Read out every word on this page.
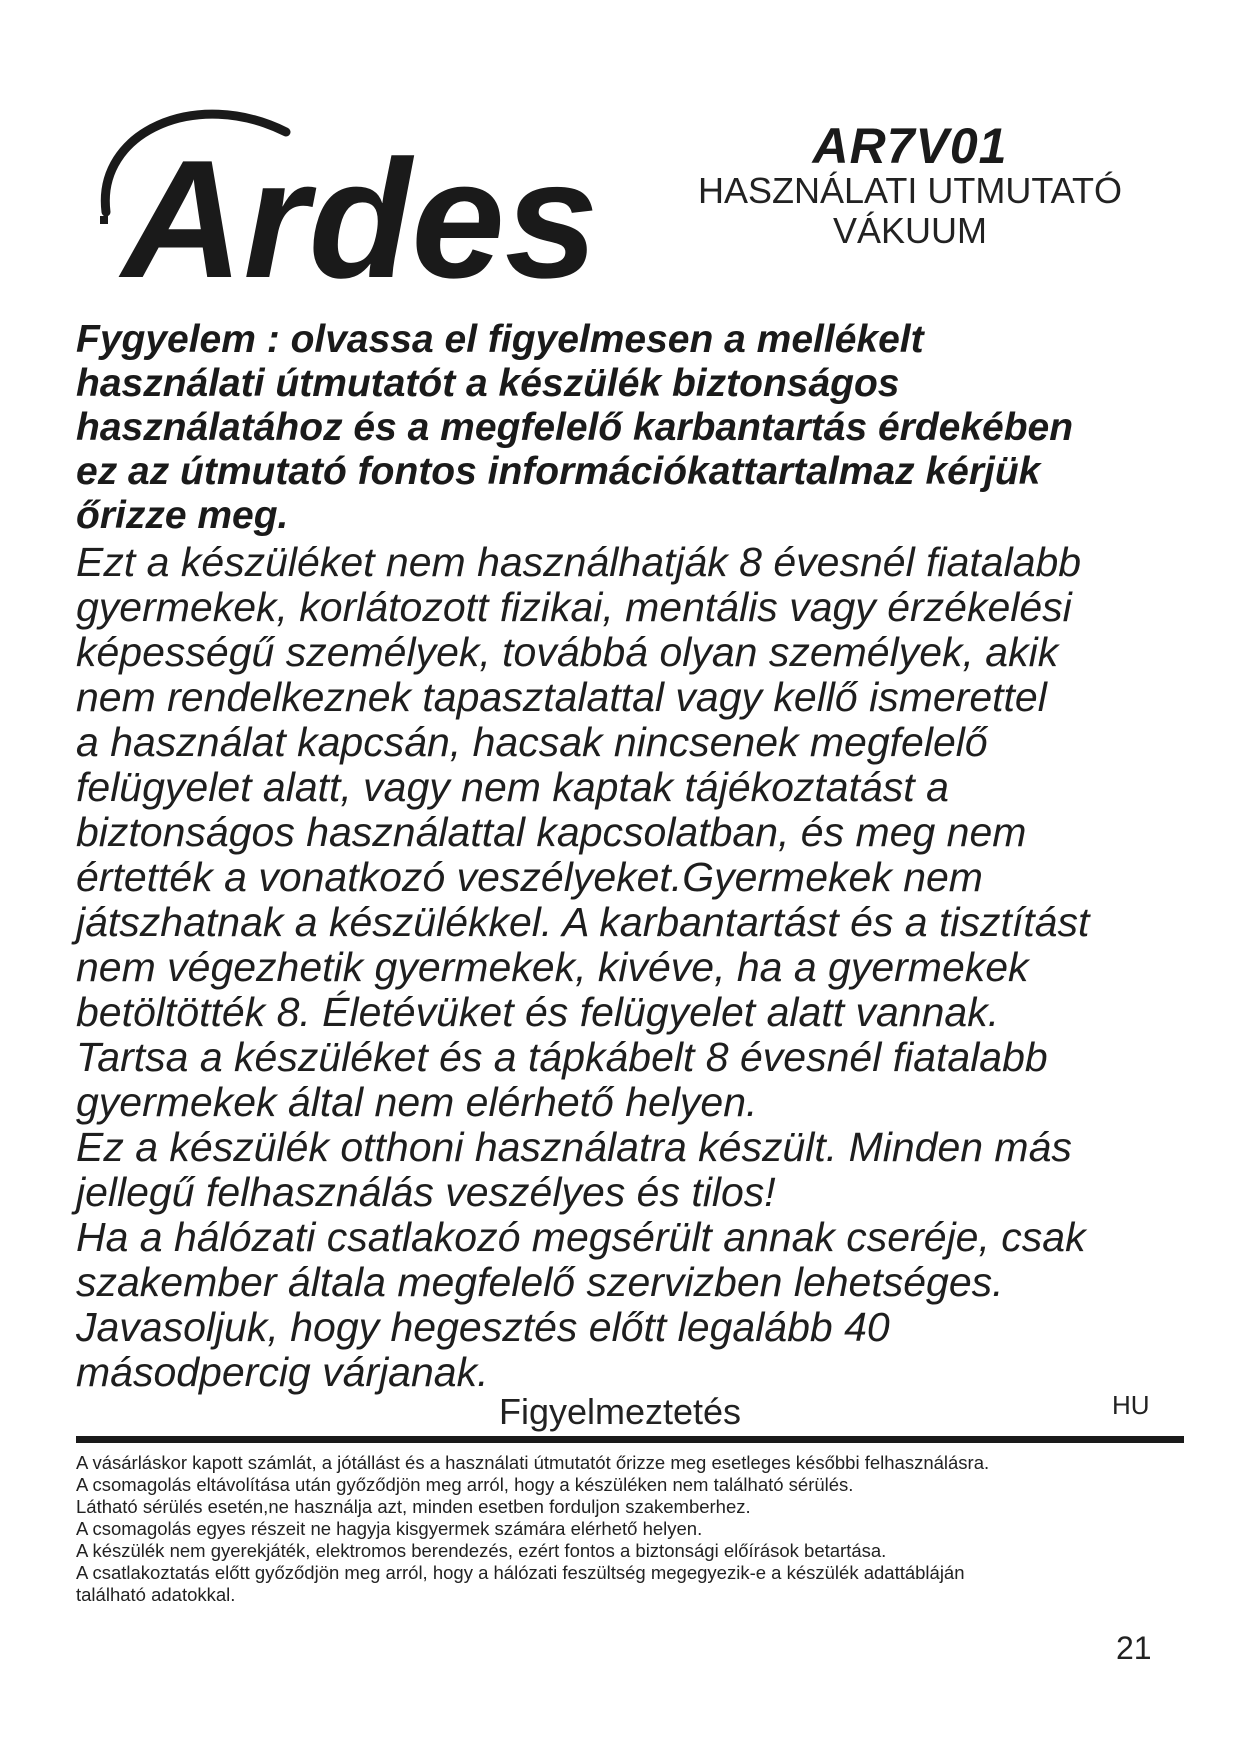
Ardes	AR7V01
HASZNÁLATI UTMUTATÓ
VÁKUUM
Fygyelem : olvassa el figyelmesen a mellékelt
használati útmutatót a készülék biztonságos
használatához és a megfelelő karbantartás érdekében
ez az útmutató fontos információkattartalmaz kérjük
őrizze meg.
Ezt a készüléket nem használhatják 8 évesnél fiatalabb
gyermekek, korlátozott fizikai, mentális vagy érzékelési
képességű személyek, továbbá olyan személyek, akik
nem rendelkeznek tapasztalattal vagy kellő ismerettel
a használat kapcsán, hacsak nincsenek megfelelő
felügyelet alatt, vagy nem kaptak tájékoztatást a
biztonságos használattal kapcsolatban, és meg nem
értették a vonatkozó veszélyeket.Gyermekek nem
játszhatnak a készülékkel. A karbantartást és a tisztítást
nem végezhetik gyermekek, kivéve, ha a gyermekek
betöltötték 8. Életévüket és felügyelet alatt vannak.
Tartsa a készüléket és a tápkábelt 8 évesnél fiatalabb
gyermekek által nem elérhető helyen.
Ez a készülék otthoni használatra készült. Minden más
jellegű felhasználás veszélyes és tilos!
Ha a hálózati csatlakozó megsérült annak cseréje, csak
szakember általa megfelelő szervizben lehetséges.
Javasoljuk, hogy hegesztés előtt legalább 40
másodpercig várjanak.
Figyelmeztetés	HU
A vásárláskor kapott számlát, a jótállást és a használati útmutatót őrizze meg esetleges későbbi felhasználásra.
A csomagolás eltávolítása után győződjön meg arról, hogy a készüléken nem található sérülés.
Látható sérülés esetén,ne használja azt, minden esetben forduljon szakemberhez.
A csomagolás egyes részeit ne hagyja kisgyermek számára elérhető helyen.
A készülék nem gyerekjáték, elektromos berendezés, ezért fontos a biztonsági előírások betartása.
A csatlakoztatás előtt győződjön meg arról, hogy a hálózati feszültség megegyezik-e a készülék adattábláján
található adatokkal.
21
